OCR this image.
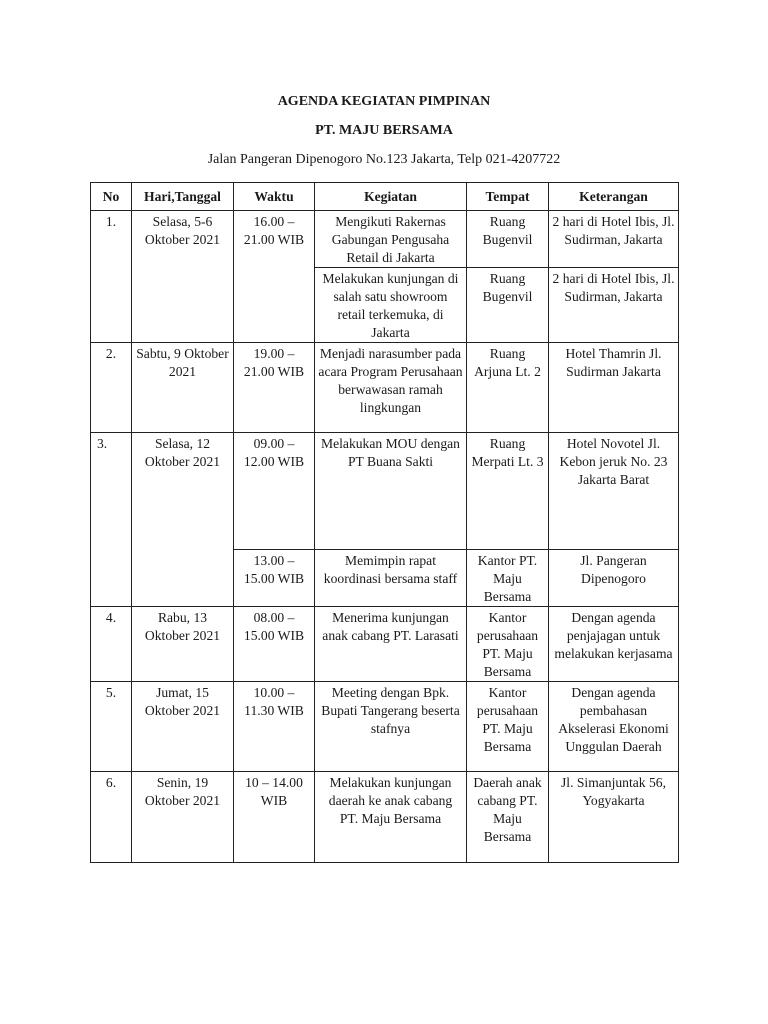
AGENDA KEGIATAN PIMPINAN
PT. MAJU BERSAMA
Jalan Pangeran Dipenogoro No.123 Jakarta, Telp 021-4207722
No	Hari,Tanggal	Waktu	Kegiatan	Tempat	Keterangan
1.	Selasa, 5-6 Oktober 2021	16.00 – 21.00 WIB	Mengikuti Rakernas Gabungan Pengusaha Retail di Jakarta	Ruang Bugenvil	2 hari di Hotel Ibis, Jl. Sudirman, Jakarta
			Melakukan kunjungan di salah satu showroom retail terkemuka, di Jakarta	Ruang Bugenvil	2 hari di Hotel Ibis, Jl. Sudirman, Jakarta
2.	Sabtu, 9 Oktober 2021	19.00 – 21.00 WIB	Menjadi narasumber pada acara Program Perusahaan berwawasan ramah lingkungan	Ruang Arjuna Lt. 2	Hotel Thamrin Jl. Sudirman Jakarta
3.	Selasa, 12 Oktober 2021	09.00 – 12.00 WIB	Melakukan MOU dengan PT Buana Sakti	Ruang Merpati Lt. 3	Hotel Novotel Jl. Kebon jeruk No. 23 Jakarta Barat
		13.00 – 15.00 WIB	Memimpin rapat koordinasi bersama staff	Kantor PT. Maju Bersama	Jl. Pangeran Dipenogoro
4.	Rabu, 13 Oktober 2021	08.00 – 15.00 WIB	Menerima kunjungan anak cabang PT. Larasati	Kantor perusahaan PT. Maju Bersama	Dengan agenda penjajagan untuk melakukan kerjasama
5.	Jumat, 15 Oktober 2021	10.00 – 11.30 WIB	Meeting dengan Bpk. Bupati Tangerang beserta stafnya	Kantor perusahaan PT. Maju Bersama	Dengan agenda pembahasan Akselerasi Ekonomi Unggulan Daerah
6.	Senin, 19 Oktober 2021	10 – 14.00 WIB	Melakukan kunjungan daerah ke anak cabang PT. Maju Bersama	Daerah anak cabang PT. Maju Bersama	Jl. Simanjuntak 56, Yogyakarta
